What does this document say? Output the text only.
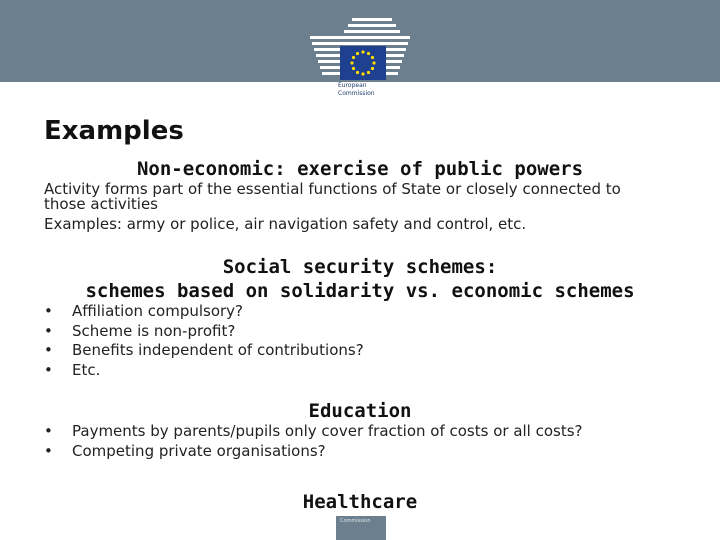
European
Commission
Examples
Non-economic: exercise of public powers
Activity forms part of the essential functions of State or closely connected to
those activities
Examples: army or police, air navigation safety and control, etc.
Social security schemes:
schemes based on solidarity vs. economic schemes
• Affiliation compulsory?
• Scheme is non-profit?
• Benefits independent of contributions?
• Etc.
Education
• Payments by parents/pupils only cover fraction of costs or all costs?
• Competing private organisations?
Healthcare
Commission
